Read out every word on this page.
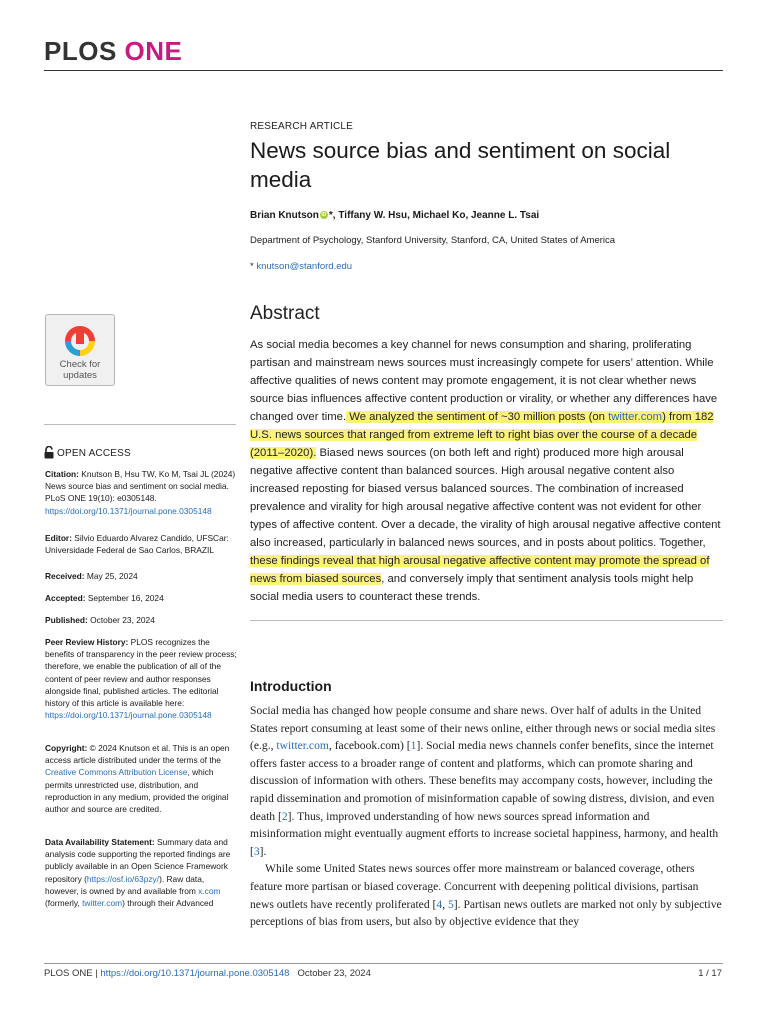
PLOS ONE
RESEARCH ARTICLE
News source bias and sentiment on social media
Brian Knutson iD *, Tiffany W. Hsu, Michael Ko, Jeanne L. Tsai
Department of Psychology, Stanford University, Stanford, CA, United States of America
* knutson@stanford.edu
Check for
updates
Abstract
As social media becomes a key channel for news consumption and sharing, proliferating partisan and mainstream news sources must increasingly compete for users’ attention. While affective qualities of news content may promote engagement, it is not clear whether news source bias influences affective content production or virality, or whether any differences have changed over time. We analyzed the sentiment of ~30 million posts (on twitter.com) from 182 U.S. news sources that ranged from extreme left to right bias over the course of a decade (2011–2020). Biased news sources (on both left and right) produced more high arousal negative affective content than balanced sources. High arousal negative content also increased reposting for biased versus balanced sources. The combination of increased prevalence and virality for high arousal negative affective content was not evident for other types of affective content. Over a decade, the virality of high arousal negative affective content also increased, particularly in balanced news sources, and in posts about politics. Together, these findings reveal that high arousal negative affective content may promote the spread of news from biased sources, and conversely imply that sentiment analysis tools might help social media users to counteract these trends.
OPEN ACCESS
Citation: Knutson B, Hsu TW, Ko M, Tsai JL (2024) News source bias and sentiment on social media. PLoS ONE 19(10): e0305148. https://doi.org/10.1371/journal.pone.0305148
Editor: Silvio Eduardo Alvarez Candido, UFSCar: Universidade Federal de Sao Carlos, BRAZIL
Received: May 25, 2024
Accepted: September 16, 2024
Published: October 23, 2024
Peer Review History: PLOS recognizes the benefits of transparency in the peer review process; therefore, we enable the publication of all of the content of peer review and author responses alongside final, published articles. The editorial history of this article is available here: https://doi.org/10.1371/journal.pone.0305148
Copyright: © 2024 Knutson et al. This is an open access article distributed under the terms of the Creative Commons Attribution License, which permits unrestricted use, distribution, and reproduction in any medium, provided the original author and source are credited.
Data Availability Statement: Summary data and analysis code supporting the reported findings are publicly available in an Open Science Framework repository (https://osf.io/63pzy/). Raw data, however, is owned by and available from x.com (formerly, twitter.com) through their Advanced
Introduction

Social media has changed how people consume and share news. Over half of adults in the United States report consuming at least some of their news online, either through news or social media sites (e.g., twitter.com, facebook.com) [1]. Social media news channels confer benefits, since the internet offers faster access to a broader range of content and platforms, which can promote sharing and discussion of information with others. These benefits may accompany costs, however, including the rapid dissemination and promotion of misinformation capable of sowing distress, division, and even death [2]. Thus, improved understanding of how news sources spread information and misinformation might eventually augment efforts to increase societal happiness, harmony, and health [3].

While some United States news sources offer more mainstream or balanced coverage, others feature more partisan or biased coverage. Concurrent with deepening political divisions, partisan news outlets have recently proliferated [4, 5]. Partisan news outlets are marked not only by subjective perceptions of bias from users, but also by objective evidence that they

PLOS ONE | https://doi.org/10.1371/journal.pone.0305148 October 23, 2024	1 / 17
